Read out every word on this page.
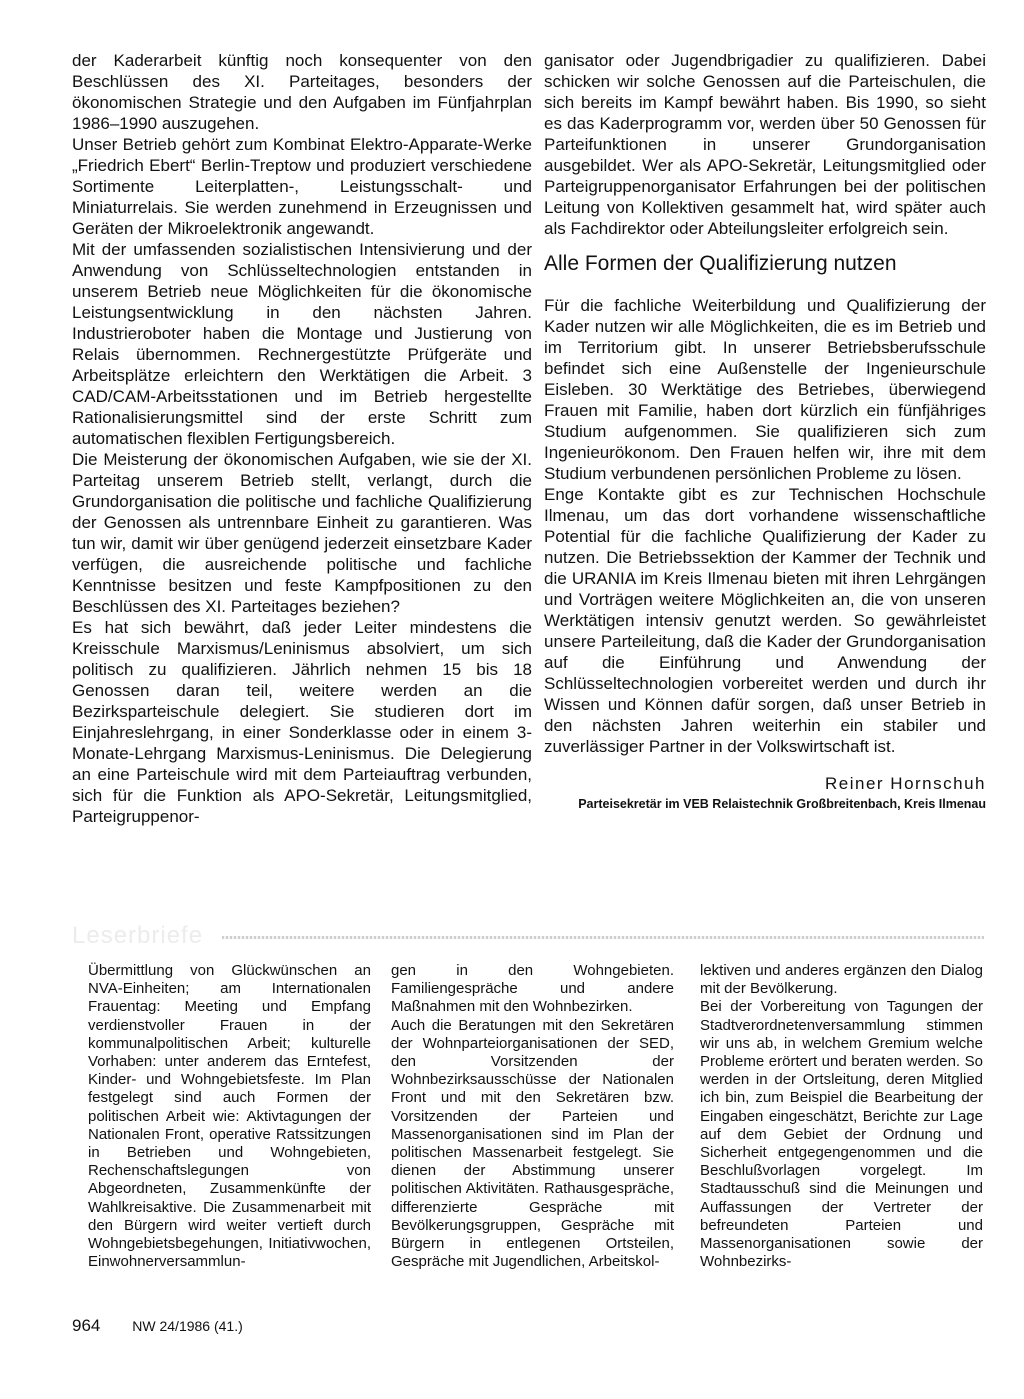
der Kaderarbeit künftig noch konsequenter von den Beschlüssen des XI. Parteitages, besonders der ökonomischen Strategie und den Aufgaben im Fünfjahrplan 1986–1990 auszugehen.

Unser Betrieb gehört zum Kombinat Elektro-Apparate-Werke „Friedrich Ebert“ Berlin-Treptow und produziert verschiedene Sortimente Leiterplatten-, Leistungsschalt- und Miniaturrelais. Sie werden zunehmend in Erzeugnissen und Geräten der Mikroelektronik angewandt.

Mit der umfassenden sozialistischen Intensivierung und der Anwendung von Schlüsseltechnologien entstanden in unserem Betrieb neue Möglichkeiten für die ökonomische Leistungsentwicklung in den nächsten Jahren. Industrieroboter haben die Montage und Justierung von Relais übernommen. Rechnergestützte Prüfgeräte und Arbeitsplätze erleichtern den Werktätigen die Arbeit. 3 CAD/CAM-Arbeitsstationen und im Betrieb hergestellte Rationalisierungsmittel sind der erste Schritt zum automatischen flexiblen Fertigungsbereich.

Die Meisterung der ökonomischen Aufgaben, wie sie der XI. Parteitag unserem Betrieb stellt, verlangt, durch die Grundorganisation die politische und fachliche Qualifizierung der Genossen als untrennbare Einheit zu garantieren. Was tun wir, damit wir über genügend jederzeit einsetzbare Kader verfügen, die ausreichende politische und fachliche Kenntnisse besitzen und feste Kampfpositionen zu den Beschlüssen des XI. Parteitages beziehen?

Es hat sich bewährt, daß jeder Leiter mindestens die Kreisschule Marxismus/Leninismus absolviert, um sich politisch zu qualifizieren. Jährlich nehmen 15 bis 18 Genossen daran teil, weitere werden an die Bezirksparteischule delegiert. Sie studieren dort im Einjahreslehrgang, in einer Sonderklasse oder in einem 3-Monate-Lehrgang Marxismus-Leninismus. Die Delegierung an eine Parteischule wird mit dem Parteiauftrag verbunden, sich für die Funktion als APO-Sekretär, Leitungsmitglied, Parteigruppenor-

ganisator oder Jugendbrigadier zu qualifizieren. Dabei schicken wir solche Genossen auf die Parteischulen, die sich bereits im Kampf bewährt haben. Bis 1990, so sieht es das Kaderprogramm vor, werden über 50 Genossen für Parteifunktionen in unserer Grundorganisation ausgebildet. Wer als APO-Sekretär, Leitungsmitglied oder Parteigruppenorganisator Erfahrungen bei der politischen Leitung von Kollektiven gesammelt hat, wird später auch als Fachdirektor oder Abteilungsleiter erfolgreich sein.

Alle Formen der Qualifizierung nutzen

Für die fachliche Weiterbildung und Qualifizierung der Kader nutzen wir alle Möglichkeiten, die es im Betrieb und im Territorium gibt. In unserer Betriebsberufsschule befindet sich eine Außenstelle der Ingenieurschule Eisleben. 30 Werktätige des Betriebes, überwiegend Frauen mit Familie, haben dort kürzlich ein fünfjähriges Studium aufgenommen. Sie qualifizieren sich zum Ingenieurökonom. Den Frauen helfen wir, ihre mit dem Studium verbundenen persönlichen Probleme zu lösen.

Enge Kontakte gibt es zur Technischen Hochschule Ilmenau, um das dort vorhandene wissenschaftliche Potential für die fachliche Qualifizierung der Kader zu nutzen. Die Betriebssektion der Kammer der Technik und die URANIA im Kreis Ilmenau bieten mit ihren Lehrgängen und Vorträgen weitere Möglichkeiten an, die von unseren Werktätigen intensiv genutzt werden. So gewährleistet unsere Parteileitung, daß die Kader der Grundorganisation auf die Einführung und Anwendung der Schlüsseltechnologien vorbereitet werden und durch ihr Wissen und Können dafür sorgen, daß unser Betrieb in den nächsten Jahren weiterhin ein stabiler und zuverlässiger Partner in der Volkswirtschaft ist.

Reiner Hornschuh
Parteisekretär im VEB Relaistechnik Großbreitenbach, Kreis Ilmenau
Leserbriefe

Übermittlung von Glückwünschen an NVA-Einheiten; am Internationalen Frauentag: Meeting und Empfang verdienstvoller Frauen in der kommunalpolitischen Arbeit; kulturelle Vorhaben: unter anderem das Erntefest, Kinder- und Wohngebietsfeste. Im Plan festgelegt sind auch Formen der politischen Arbeit wie: Aktivtagungen der Nationalen Front, operative Ratssitzungen in Betrieben und Wohngebieten, Rechenschaftslegungen von Abgeordneten, Zusammenkünfte der Wahlkreisaktive. Die Zusammenarbeit mit den Bürgern wird weiter vertieft durch Wohngebietsbegehungen, Initiativwochen, Einwohnerversammlun-

gen in den Wohngebieten. Familiengespräche und andere Maßnahmen mit den Wohnbezirken.

Auch die Beratungen mit den Sekretären der Wohnparteiorganisationen der SED, den Vorsitzenden der Wohnbezirksausschüsse der Nationalen Front und mit den Sekretären bzw. Vorsitzenden der Parteien und Massenorganisationen sind im Plan der politischen Massenarbeit festgelegt. Sie dienen der Abstimmung unserer politischen Aktivitäten. Rathausgespräche, differenzierte Gespräche mit Bevölkerungsgruppen, Gespräche mit Bürgern in entlegenen Ortsteilen, Gespräche mit Jugendlichen, Arbeitskol-

lektiven und anderes ergänzen den Dialog mit der Bevölkerung.

Bei der Vorbereitung von Tagungen der Stadtverordnetenversammlung stimmen wir uns ab, in welchem Gremium welche Probleme erörtert und beraten werden. So werden in der Ortsleitung, deren Mitglied ich bin, zum Beispiel die Bearbeitung der Eingaben eingeschätzt, Berichte zur Lage auf dem Gebiet der Ordnung und Sicherheit entgegengenommen und die Beschlußvorlagen vorgelegt. Im Stadtausschuß sind die Meinungen und Auffassungen der Vertreter der befreundeten Parteien und Massenorganisationen sowie der Wohnbezirks-

964 NW 24/1986 (41.)
